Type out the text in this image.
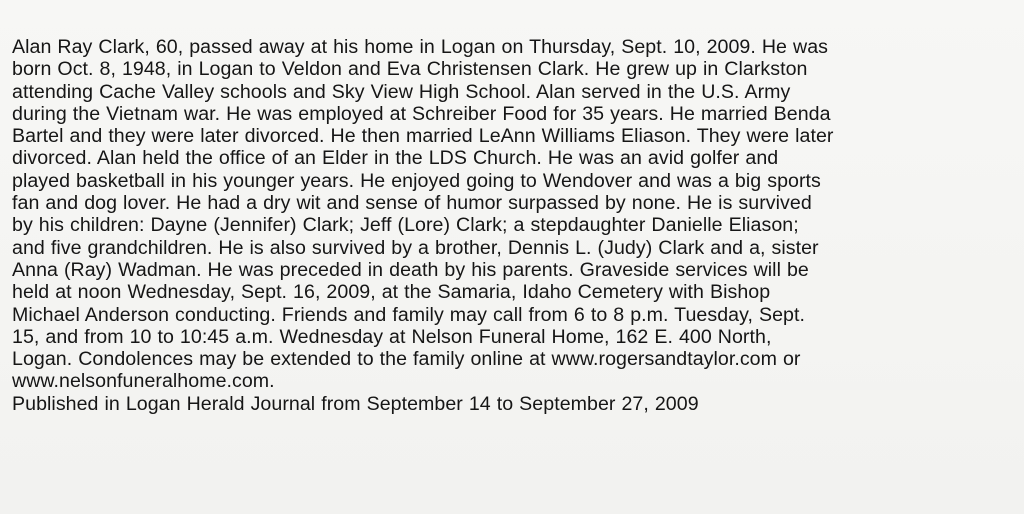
Alan Ray Clark, 60, passed away at his home in Logan on Thursday, Sept. 10, 2009. He was
born Oct. 8, 1948, in Logan to Veldon and Eva Christensen Clark. He grew up in Clarkston
attending Cache Valley schools and Sky View High School. Alan served in the U.S. Army
during the Vietnam war. He was employed at Schreiber Food for 35 years. He married Benda
Bartel and they were later divorced. He then married LeAnn Williams Eliason. They were later
divorced. Alan held the office of an Elder in the LDS Church. He was an avid golfer and
played basketball in his younger years. He enjoyed going to Wendover and was a big sports
fan and dog lover. He had a dry wit and sense of humor surpassed by none. He is survived
by his children: Dayne (Jennifer) Clark; Jeff (Lore) Clark; a stepdaughter Danielle Eliason;
and five grandchildren. He is also survived by a brother, Dennis L. (Judy) Clark and a, sister
Anna (Ray) Wadman. He was preceded in death by his parents. Graveside services will be
held at noon Wednesday, Sept. 16, 2009, at the Samaria, Idaho Cemetery with Bishop
Michael Anderson conducting. Friends and family may call from 6 to 8 p.m. Tuesday, Sept.
15, and from 10 to 10:45 a.m. Wednesday at Nelson Funeral Home, 162 E. 400 North,
Logan. Condolences may be extended to the family online at www.rogersandtaylor.com or
www.nelsonfuneralhome.com.
Published in Logan Herald Journal from September 14 to September 27, 2009
